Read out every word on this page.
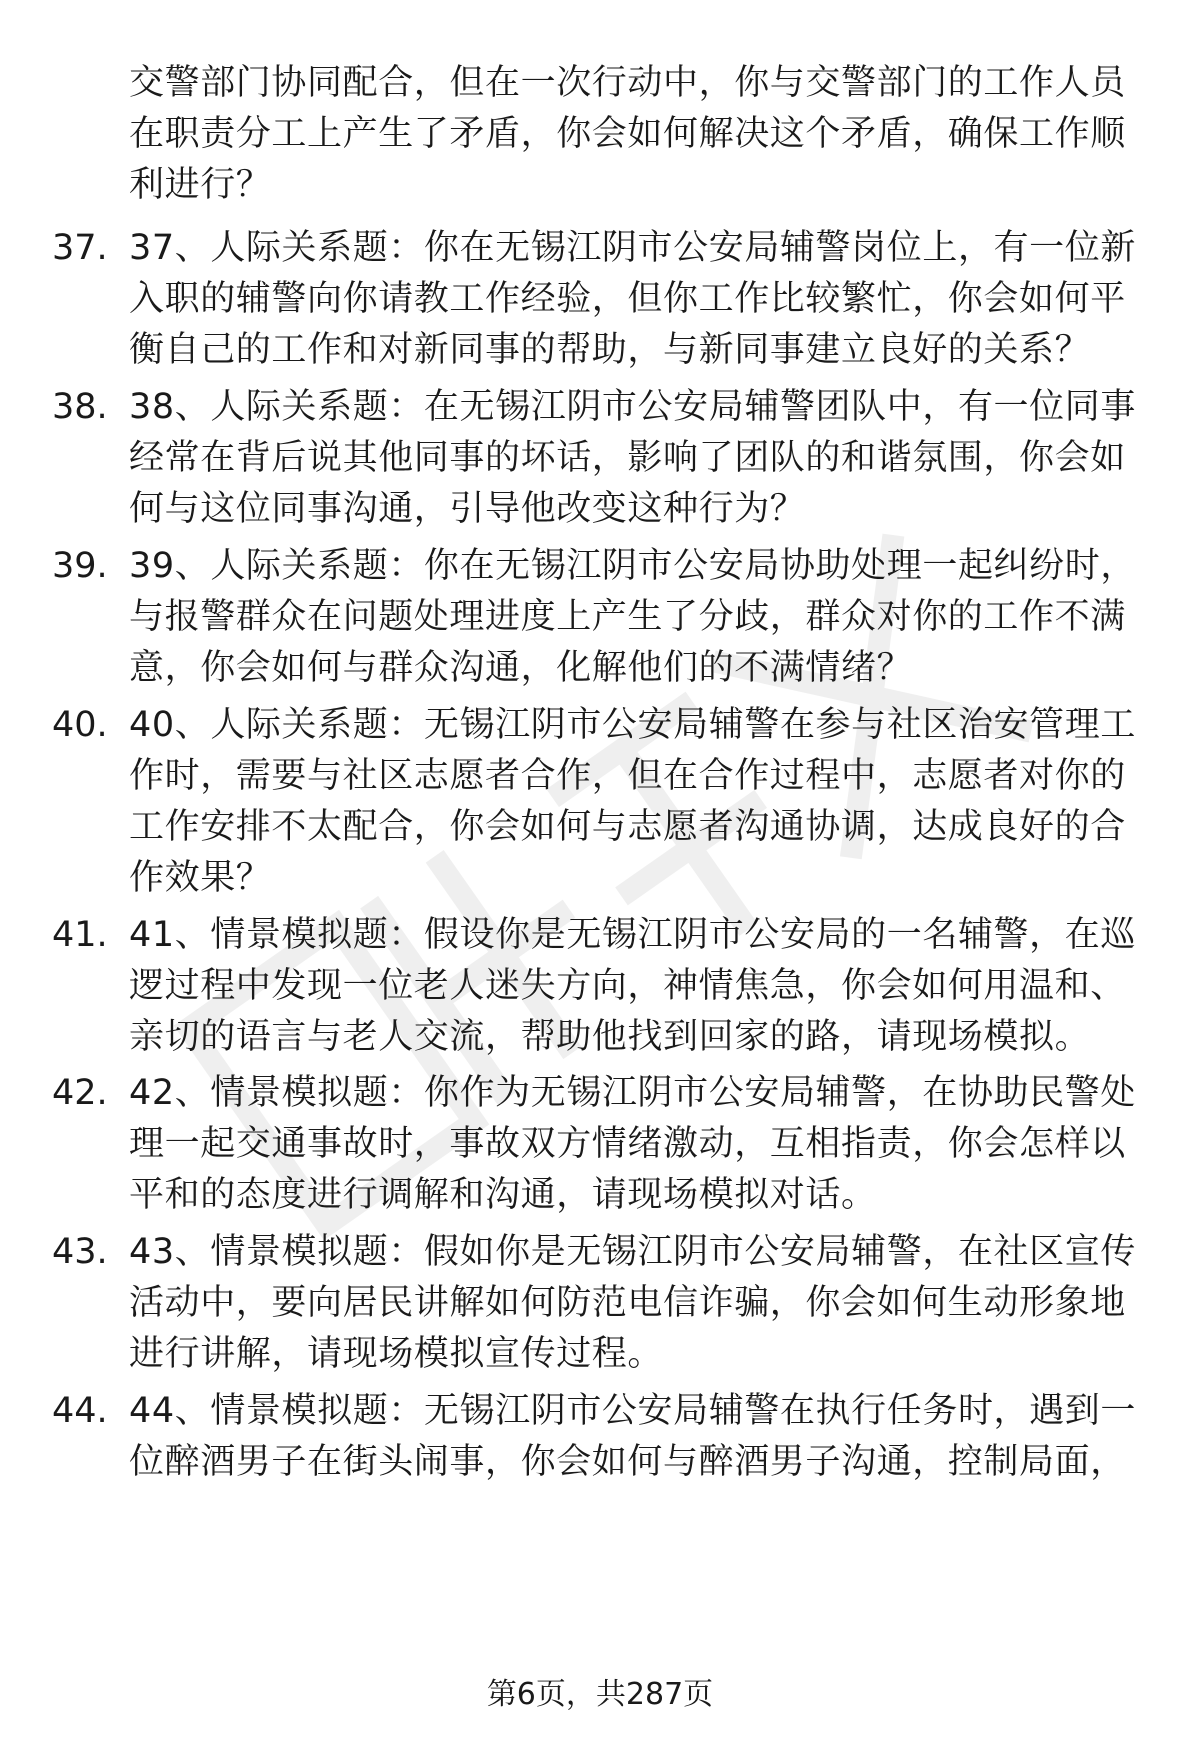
交警部门协同配合，但在一次行动中，你与交警部门的工作人员在职责分工上产生了矛盾，你会如何解决这个矛盾，确保工作顺利进行？
37. 37、人际关系题：你在无锡江阴市公安局辅警岗位上，有一位新入职的辅警向你请教工作经验，但你工作比较繁忙，你会如何平衡自己的工作和对新同事的帮助，与新同事建立良好的关系？
38. 38、人际关系题：在无锡江阴市公安局辅警团队中，有一位同事经常在背后说其他同事的坏话，影响了团队的和谐氛围，你会如何与这位同事沟通，引导他改变这种行为？
39. 39、人际关系题：你在无锡江阴市公安局协助处理一起纠纷时，与报警群众在问题处理进度上产生了分歧，群众对你的工作不满意，你会如何与群众沟通，化解他们的不满情绪？
40. 40、人际关系题：无锡江阴市公安局辅警在参与社区治安管理工作时，需要与社区志愿者合作，但在合作过程中，志愿者对你的工作安排不太配合，你会如何与志愿者沟通协调，达成良好的合作效果？
41. 41、情景模拟题：假设你是无锡江阴市公安局的一名辅警，在巡逻过程中发现一位老人迷失方向，神情焦急，你会如何用温和、亲切的语言与老人交流，帮助他找到回家的路，请现场模拟。
42. 42、情景模拟题：你作为无锡江阴市公安局辅警，在协助民警处理一起交通事故时，事故双方情绪激动，互相指责，你会怎样以平和的态度进行调解和沟通，请现场模拟对话。
43. 43、情景模拟题：假如你是无锡江阴市公安局辅警，在社区宣传活动中，要向居民讲解如何防范电信诈骗，你会如何生动形象地进行讲解，请现场模拟宣传过程。
44. 44、情景模拟题：无锡江阴市公安局辅警在执行任务时，遇到一位醉酒男子在街头闹事，你会如何与醉酒男子沟通，控制局面，
第6页，共287页
